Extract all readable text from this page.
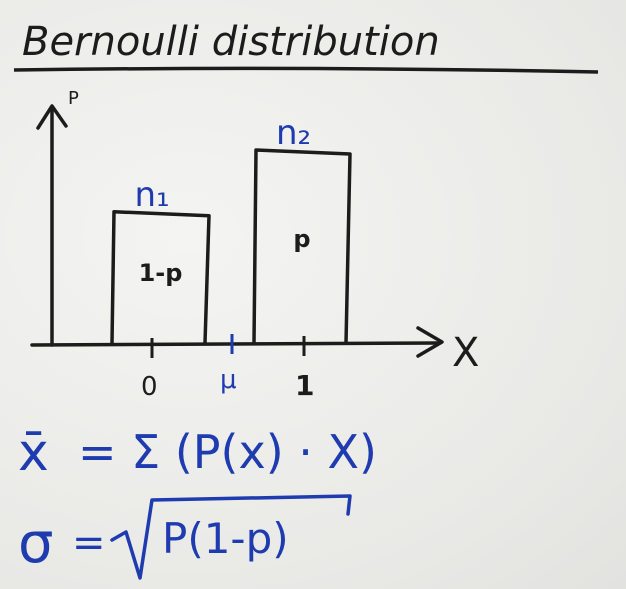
Bernoulli distribution
P
X
n₁
1-p
n₂
p
0 μ 1
x̄ = Σ (P(x) · X)
σ = P(1-p)
